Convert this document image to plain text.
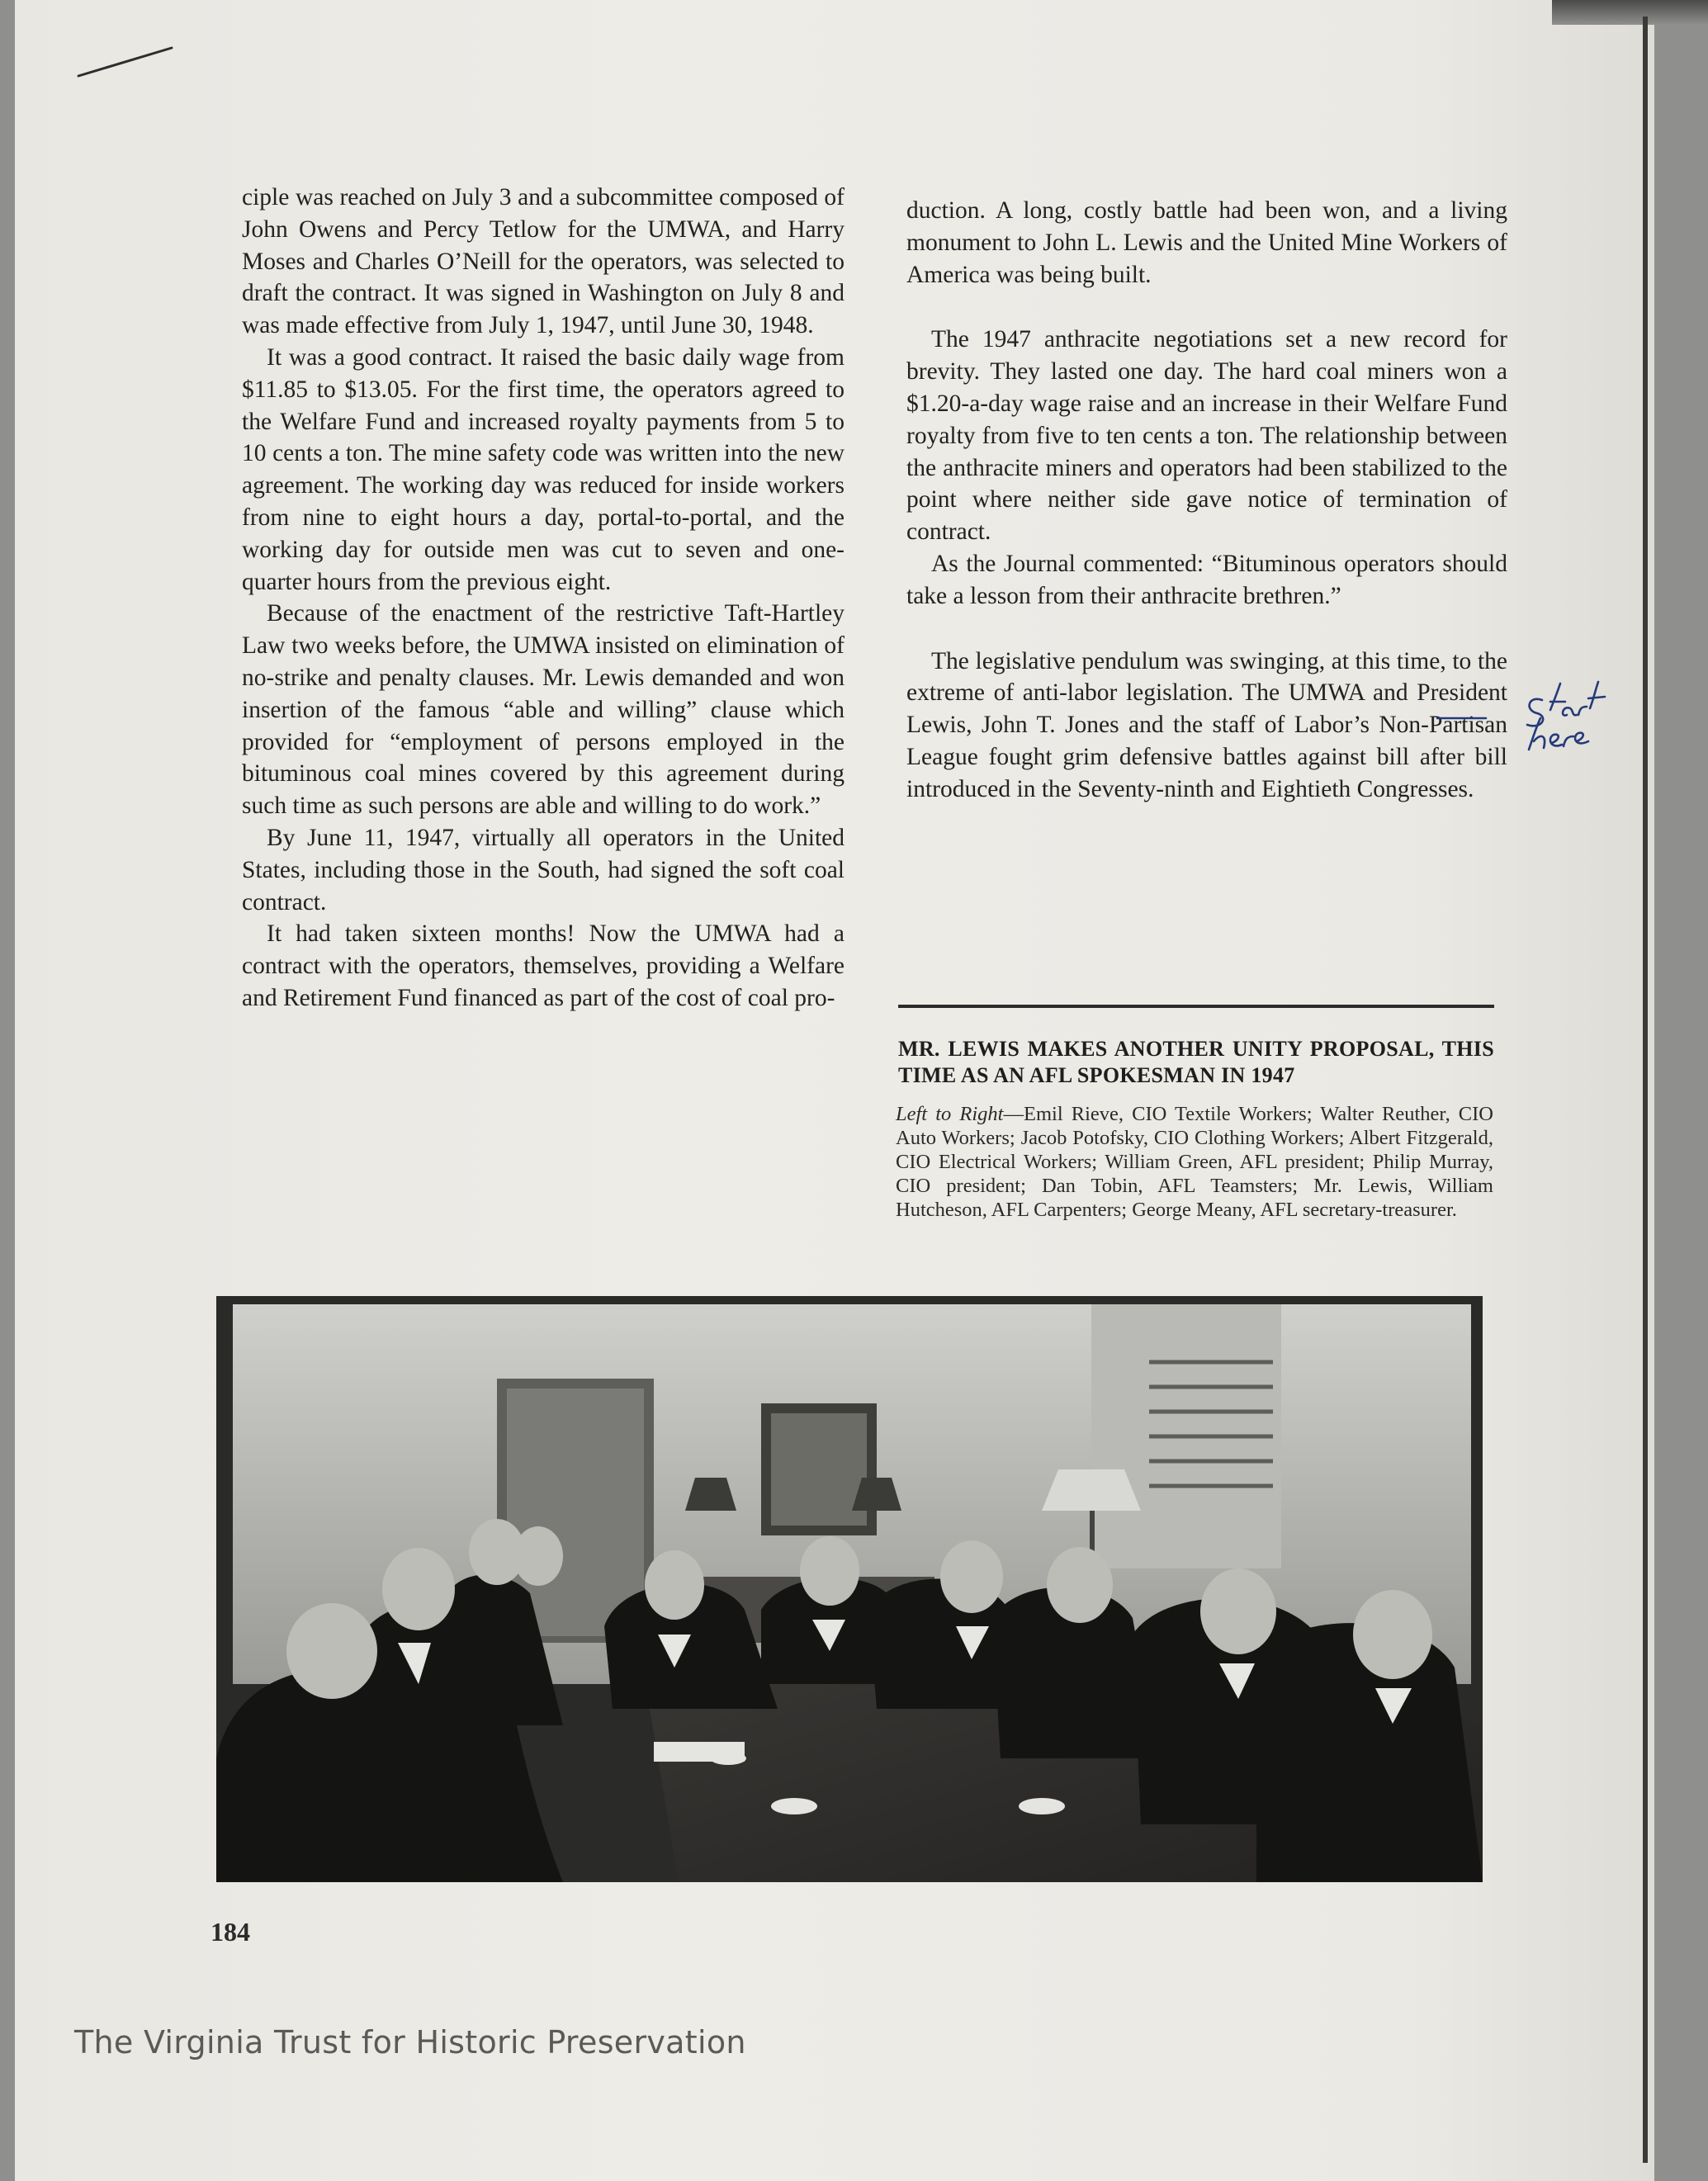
ciple was reached on July 3 and a subcommittee composed of John Owens and Percy Tetlow for the UMWA, and Harry Moses and Charles O’Neill for the operators, was selected to draft the contract. It was signed in Washington on July 8 and was made effective from July 1, 1947, until June 30, 1948.

It was a good contract. It raised the basic daily wage from $11.85 to $13.05. For the first time, the operators agreed to the Welfare Fund and increased royalty payments from 5 to 10 cents a ton. The mine safety code was written into the new agreement. The working day was reduced for inside workers from nine to eight hours a day, portal-to-portal, and the working day for outside men was cut to seven and one-quarter hours from the previous eight.

Because of the enactment of the restrictive Taft-Hartley Law two weeks before, the UMWA insisted on elimination of no-strike and penalty clauses. Mr. Lewis demanded and won insertion of the famous “able and willing” clause which provided for “employment of persons employed in the bituminous coal mines covered by this agreement during such time as such persons are able and willing to do work.”

By June 11, 1947, virtually all operators in the United States, including those in the South, had signed the soft coal contract.

It had taken sixteen months! Now the UMWA had a contract with the operators, themselves, providing a Welfare and Retirement Fund financed as part of the cost of coal pro-

duction. A long, costly battle had been won, and a living monument to John L. Lewis and the United Mine Workers of America was being built.

The 1947 anthracite negotiations set a new record for brevity. They lasted one day. The hard coal miners won a $1.20-a-day wage raise and an increase in their Welfare Fund royalty from five to ten cents a ton. The relationship between the anthracite miners and operators had been stabilized to the point where neither side gave notice of termination of contract.

As the Journal commented: “Bituminous operators should take a lesson from their anthracite brethren.”

The legislative pendulum was swinging, at this time, to the extreme of anti-labor legislation. The UMWA and President Lewis, John T. Jones and the staff of Labor’s Non-Partisan League fought grim defensive battles against bill after bill introduced in the Seventy-ninth and Eightieth Congresses.

MR. LEWIS MAKES ANOTHER UNITY PROPOSAL, THIS TIME AS AN AFL SPOKESMAN IN 1947
Left to Right—Emil Rieve, CIO Textile Workers; Walter Reuther, CIO Auto Workers; Jacob Potofsky, CIO Clothing Workers; Albert Fitzgerald, CIO Electrical Workers; William Green, AFL president; Philip Murray, CIO president; Dan Tobin, AFL Teamsters; Mr. Lewis, William Hutcheson, AFL Carpenters; George Meany, AFL secretary-treasurer.
184
The Virginia Trust for Historic Preservation
